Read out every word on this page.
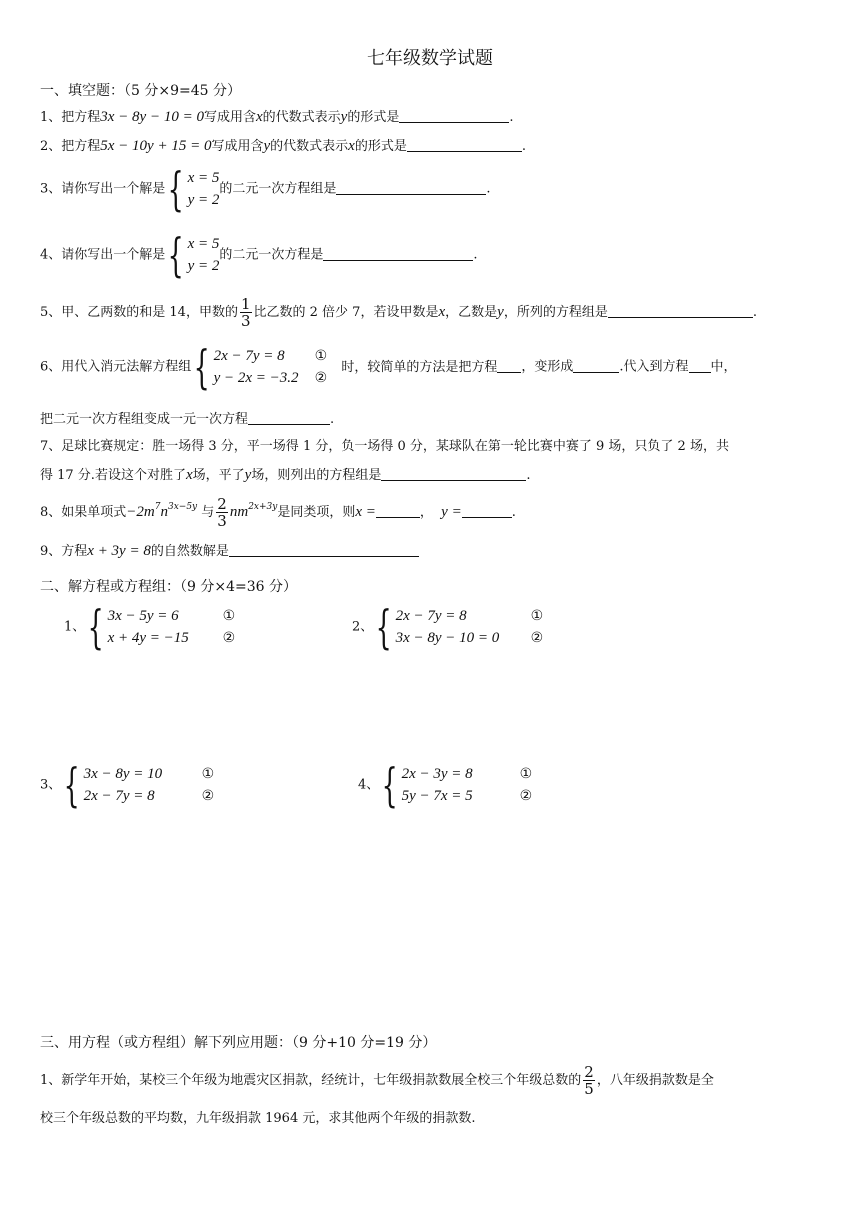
七年级数学试题
一、填空题：（5 分×9=45 分）
1、把方程3x − 8y − 10 = 0写成用含x的代数式表示y的形式是	.
2、把方程5x − 10y + 15 = 0写成用含y的代数式表示x的形式是	.
3、请你写出一个解是{ x = 5
y = 2的二元一次方程组是	.
4、请你写出一个解是{ x = 5
y = 2的二元一次方程是	.
5、甲、乙两数的和是 14，甲数的 $\frac{1}{3}$ 比乙数的 2 倍少 7，若设甲数是x，乙数是y，所列的方程组是	.
6、用代入消元法解方程组{ 2x − 7y = 8
y − 2x = −3.2 ①
② 时，较简单的方法是把方程 ，变形成	.代入到方程 中，
把二元一次方程组变成一元一次方程	.
7、足球比赛规定：胜一场得 3 分，平一场得 1 分，负一场得 0 分，某球队在第一轮比赛中赛了 9 场，只负了 2 场，共
得 17 分.若设这个对胜了x场，平了y场，则列出的方程组是	.
8、如果单项式$-2m^7n^{3x-5y}$ 与 $\frac{2}{3} nm^{2x+3y}$是同类项，则x =	，  y =	.
9、方程x + 3y = 8的自然数解是
二、解方程或方程组：（9 分×4=36 分）
1、{ 3x − 5y = 6
x + 4y = −15①
②
2、{ 2x − 7y = 8
3x − 8y − 10 = 0①
②
3、{ 3x − 8y = 10
2x − 7y = 8①
②
4、{ 2x − 3y = 8
5y − 7x = 5①
②
三、用方程（或方程组）解下列应用题：（9 分+10 分=19 分）
1、新学年开始，某校三个年级为地震灾区捐款，经统计，七年级捐款数展全校三个年级总数的 $\frac{2}{5}$ ，八年级捐款数是全
校三个年级总数的平均数，九年级捐款 1964 元，求其他两个年级的捐款数.
